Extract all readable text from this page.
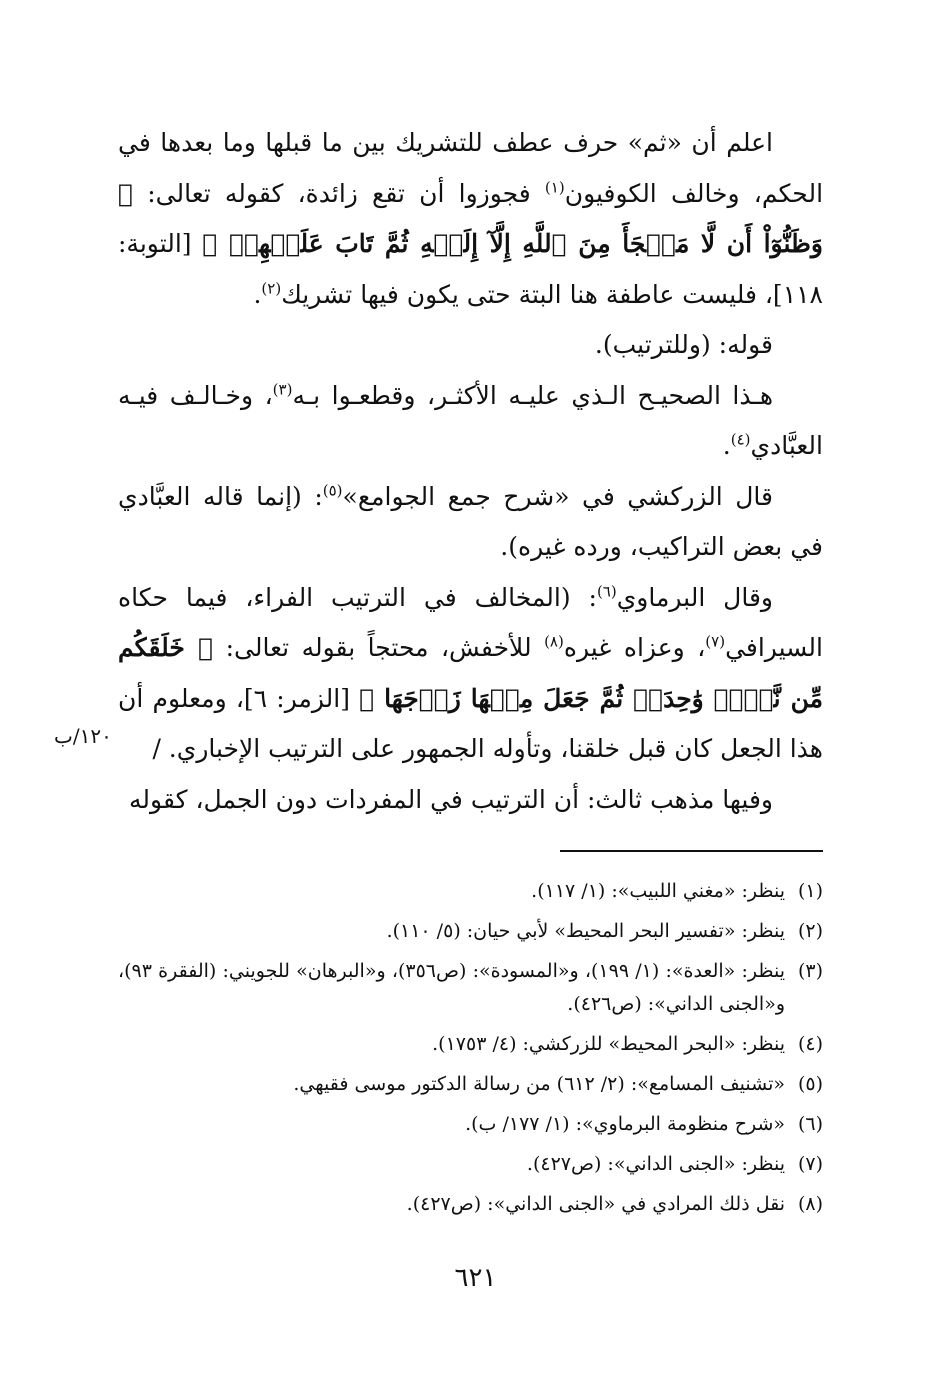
اعلم أن «ثم» حرف عطف للتشريك بين ما قبلها وما بعدها في الحكم، وخالف الكوفيون$^{(١)}$ فجوزوا أن تقع زائدة، كقوله تعالى: ﴿ وَظَنُّوٓاْ أَن لَّا مَلۡجَأَ مِنَ ٱللَّهِ إِلَّآ إِلَيۡهِ ثُمَّ تَابَ عَلَيۡهِمۡ ﴾ [التوبة: ١١٨]، فليست عاطفة هنا البتة حتى يكون فيها تشريك$^{(٢)}$.

قوله: (وللترتيب).

هـذا الصحيـح الـذي عليـه الأكثـر، وقطعـوا بـه$^{(٣)}$، وخـالـف فيـه العبَّادي$^{(٤)}$.

قال الزركشي في «شرح جمع الجوامع»$^{(٥)}$: (إنما قاله العبَّادي في بعض التراكيب، ورده غيره).

وقال البرماوي$^{(٦)}$: (المخالف في الترتيب الفراء، فيما حكاه السيرافي$^{(٧)}$، وعزاه غيره$^{(٨)}$ للأخفش، محتجاً بقوله تعالى: ﴿ خَلَقَكُم مِّن نَّفۡسٖ وَٰحِدَةٖ ثُمَّ جَعَلَ مِنۡهَا زَوۡجَهَا ﴾ [الزمر: ٦]، ومعلوم أن هذا الجعل كان قبل خلقنا، وتأوله الجمهور على الترتيب الإخباري. /

وفيها مذهب ثالث: أن الترتيب في المفردات دون الجمل، كقوله

١٢٠/ب
(١)
ينظر: «مغني اللبيب»: (١/ ١١٧).
(٢)
ينظر: «تفسير البحر المحيط» لأبي حيان: (٥/ ١١٠).
(٣)
ينظر: «العدة»: (١/ ١٩٩)، و«المسودة»: (ص٣٥٦)، و«البرهان» للجويني: (الفقرة ٩٣)، و«الجنى الداني»: (ص٤٢٦).
(٤)
ينظر: «البحر المحيط» للزركشي: (٤/ ١٧٥٣).
(٥)
«تشنيف المسامع»: (٢/ ٦١٢) من رسالة الدكتور موسى فقيهي.
(٦)
«شرح منظومة البرماوي»: (١/ ١٧٧/ ب).
(٧)
ينظر: «الجنى الداني»: (ص٤٢٧).
(٨)
نقل ذلك المرادي في «الجنى الداني»: (ص٤٢٧).
٦٢١
